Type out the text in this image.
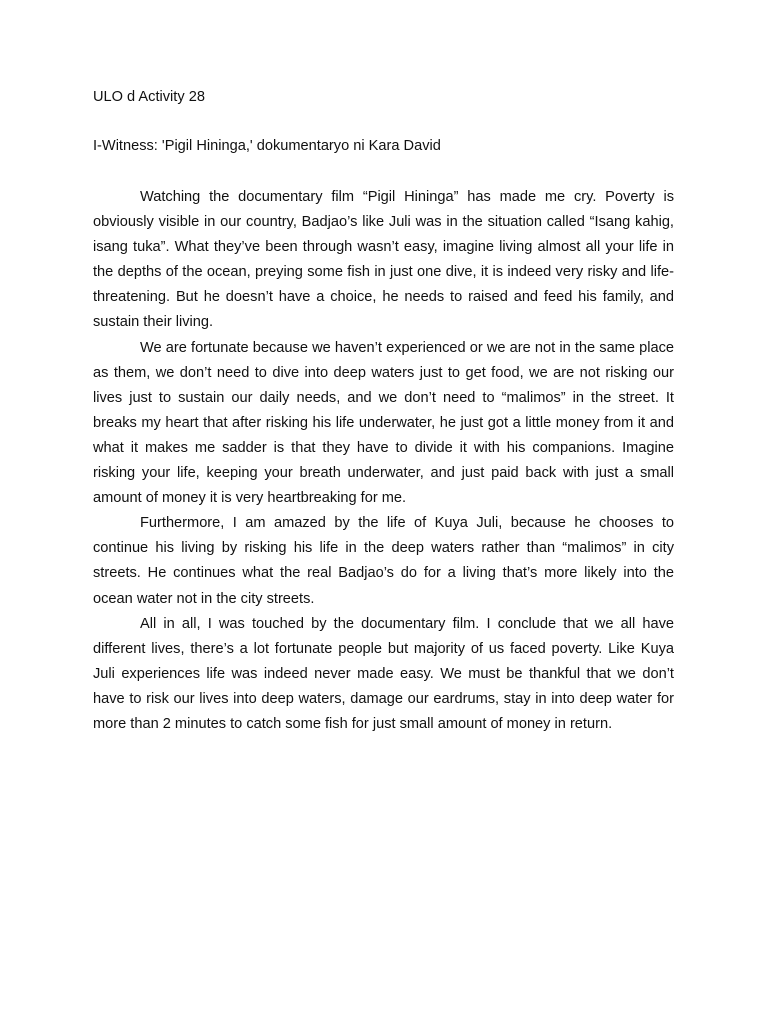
ULO d Activity 28

I-Witness: 'Pigil Hininga,' dokumentaryo ni Kara David

Watching the documentary film “Pigil Hininga” has made me cry. Poverty is obviously visible in our country, Badjao’s like Juli was in the situation called “Isang kahig, isang tuka”. What they’ve been through wasn’t easy, imagine living almost all your life in the depths of the ocean, preying some fish in just one dive, it is indeed very risky and life-threatening. But he doesn’t have a choice, he needs to raised and feed his family, and sustain their living.

We are fortunate because we haven’t experienced or we are not in the same place as them, we don’t need to dive into deep waters just to get food, we are not risking our lives just to sustain our daily needs, and we don’t need to “malimos” in the street. It breaks my heart that after risking his life underwater, he just got a little money from it and what it makes me sadder is that they have to divide it with his companions. Imagine risking your life, keeping your breath underwater, and just paid back with just a small amount of money it is very heartbreaking for me.

Furthermore, I am amazed by the life of Kuya Juli, because he chooses to continue his living by risking his life in the deep waters rather than “malimos” in city streets. He continues what the real Badjao’s do for a living that’s more likely into the ocean water not in the city streets.

All in all, I was touched by the documentary film. I conclude that we all have different lives, there’s a lot fortunate people but majority of us faced poverty. Like Kuya Juli experiences life was indeed never made easy. We must be thankful that we don’t have to risk our lives into deep waters, damage our eardrums, stay in into deep water for more than 2 minutes to catch some fish for just small amount of money in return.
